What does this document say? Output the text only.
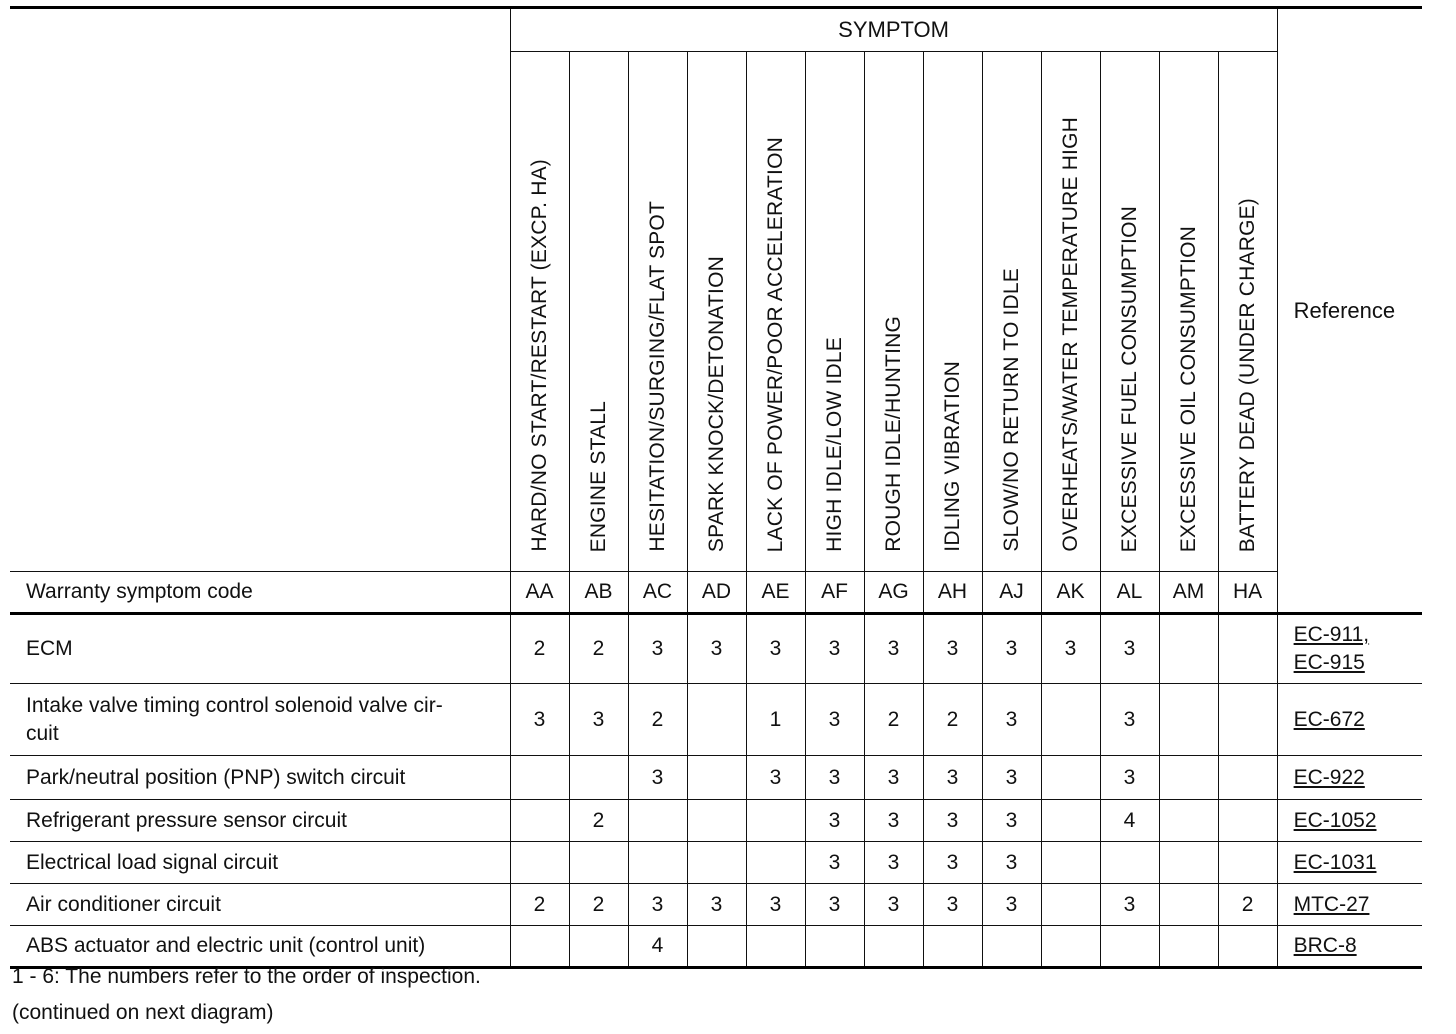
	SYMPTOM													Reference
	HARD/NO START/RESTART (EXCP. HA)	ENGINE STALL	HESITATION/SURGING/FLAT SPOT	SPARK KNOCK/DETONATION	LACK OF POWER/POOR ACCELERATION	HIGH IDLE/LOW IDLE	ROUGH IDLE/HUNTING	IDLING VIBRATION	SLOW/NO RETURN TO IDLE	OVERHEATS/WATER TEMPERATURE HIGH	EXCESSIVE FUEL CONSUMPTION	EXCESSIVE OIL CONSUMPTION	BATTERY DEAD (UNDER CHARGE)	
Warranty symptom code	AA	AB	AC	AD	AE	AF	AG	AH	AJ	AK	AL	AM	HA	
ECM	2	2	3	3	3	3	3	3	3	3	3			EC-911,
EC-915

Intake valve timing control solenoid valve cir-
cuit	3	3	2		1	3	2	2	3		3			EC-672

Park/neutral position (PNP) switch circuit			3		3	3	3	3	3		3			EC-922

Refrigerant pressure sensor circuit		2				3	3	3	3		4			EC-1052

Electrical load signal circuit						3	3	3	3					EC-1031

Air conditioner circuit	2	2	3	3	3	3	3	3	3		3		2	MTC-27

ABS actuator and electric unit (control unit)			4											BRC-8
1 - 6: The numbers refer to the order of inspection.
(continued on next diagram)
